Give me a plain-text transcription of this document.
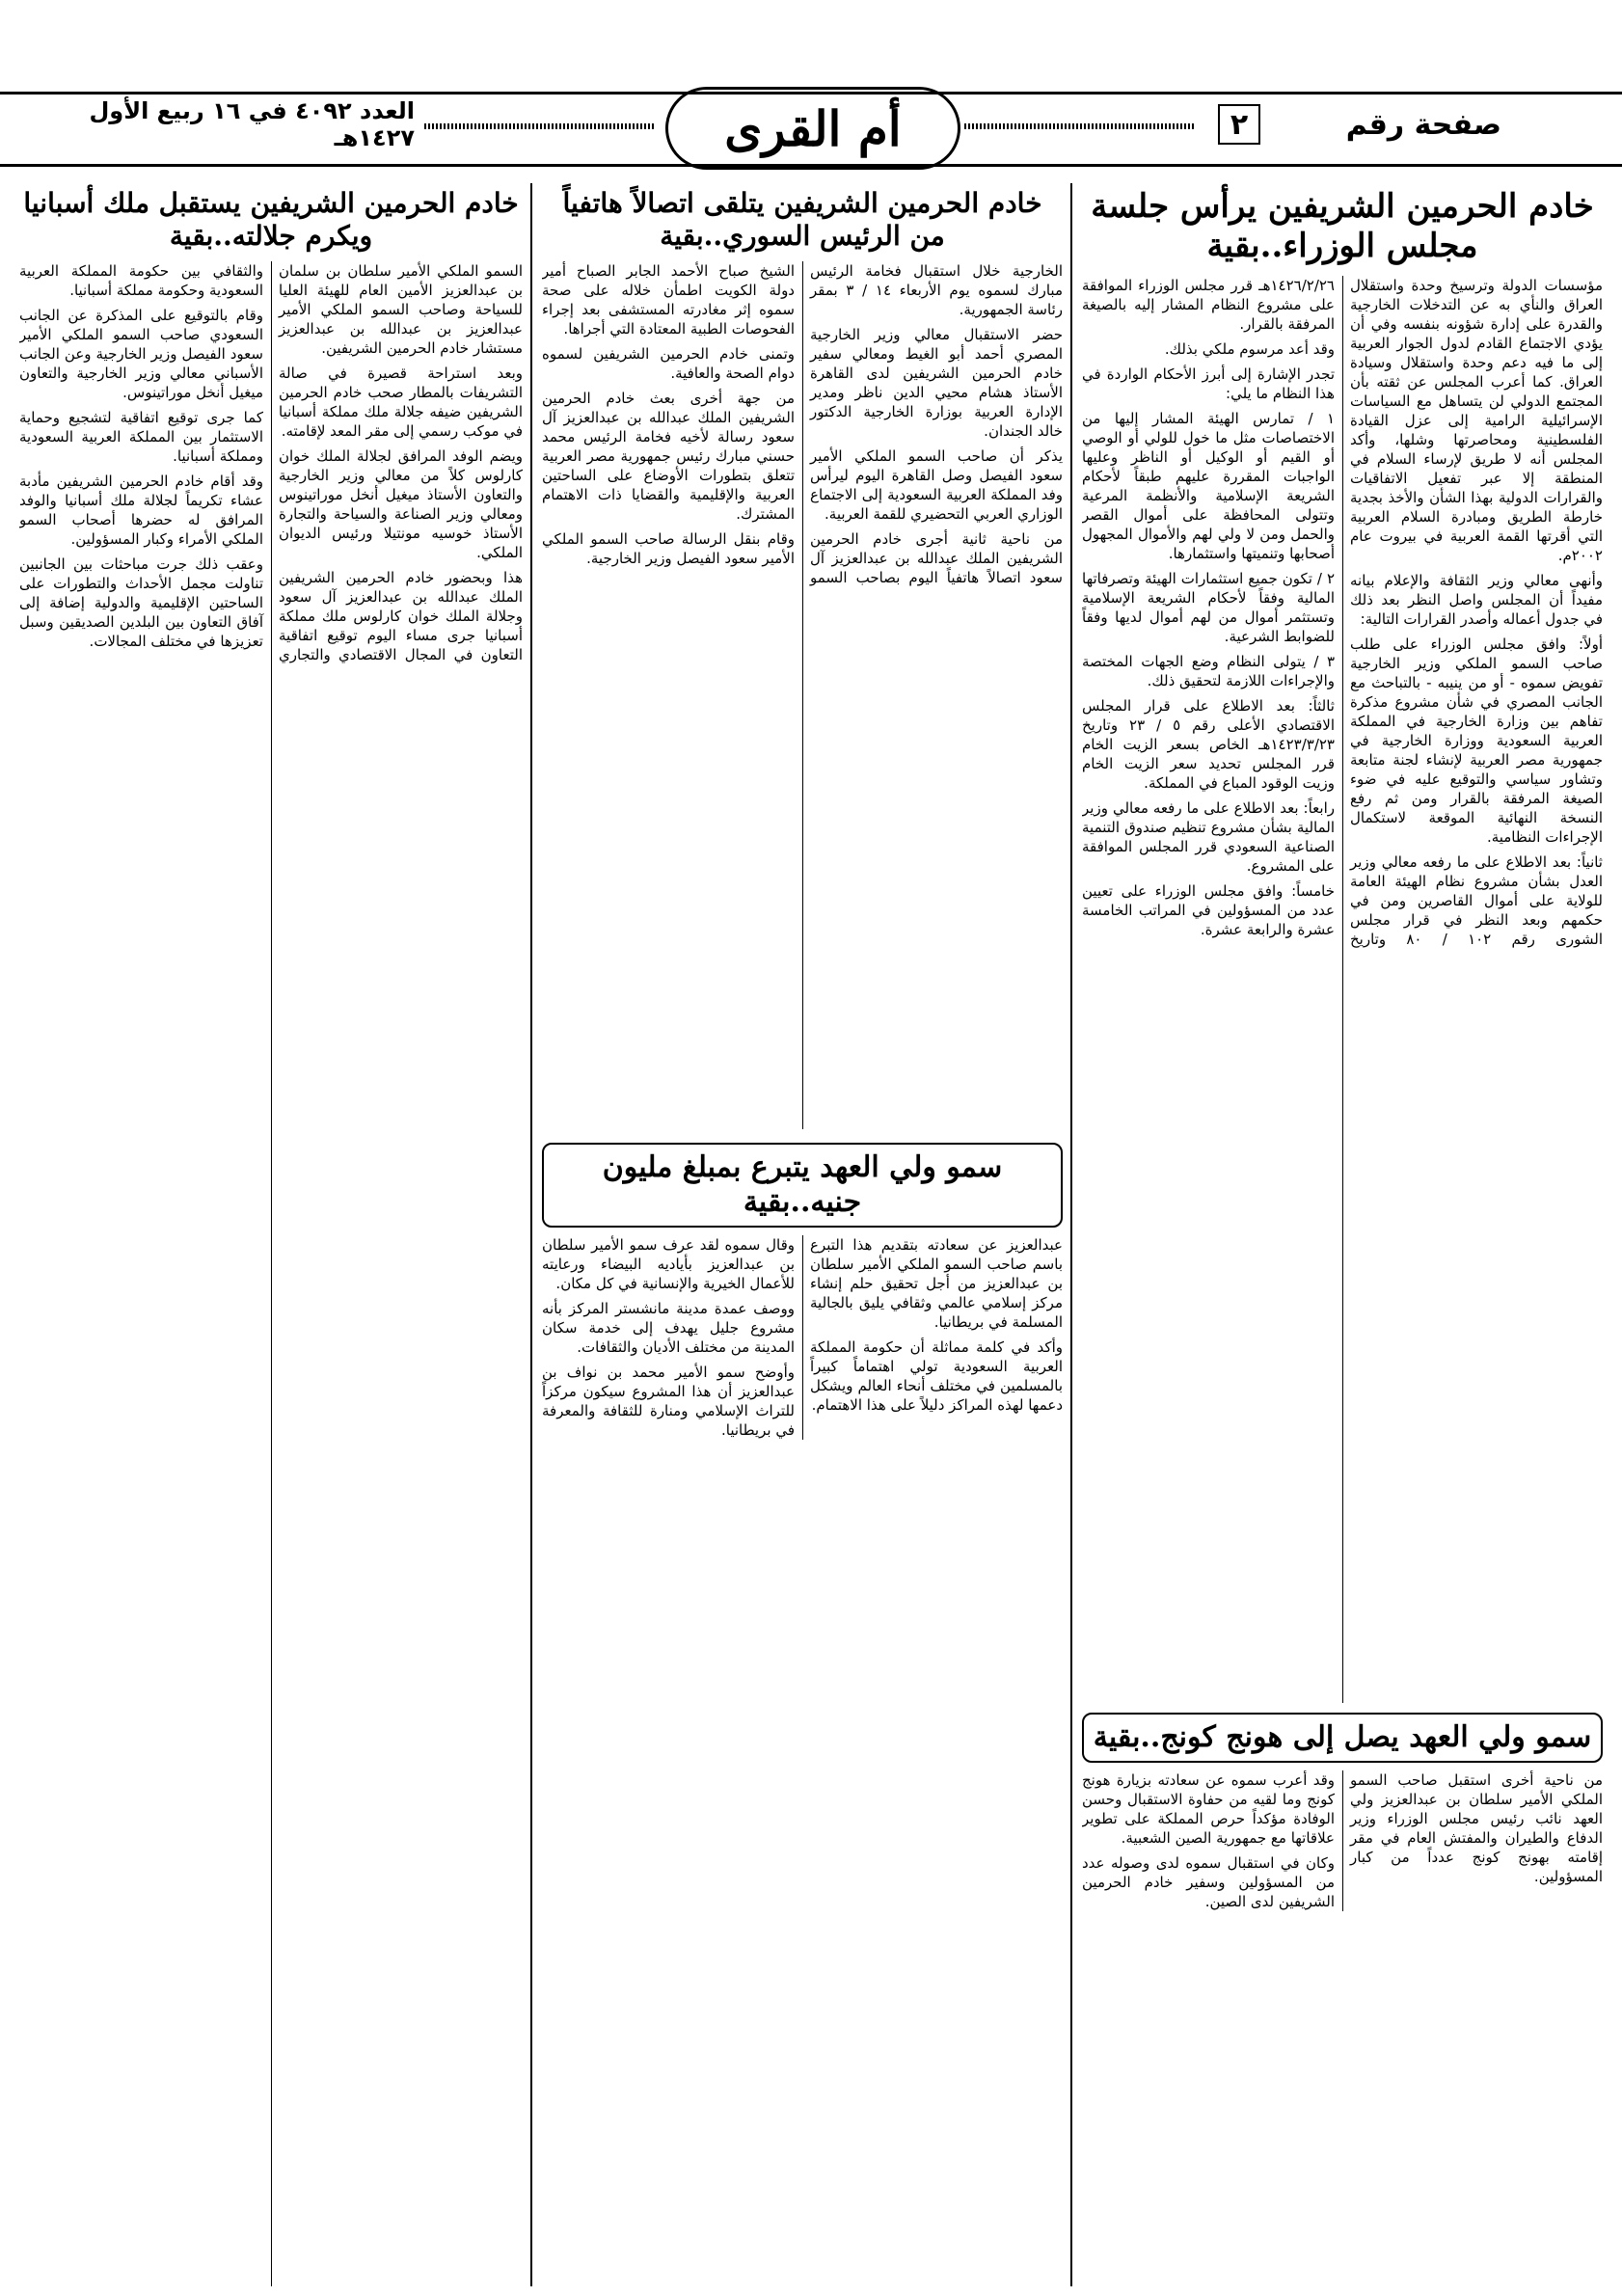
صفحة رقم
٢
أم القرى
العدد ٤٠٩٢ في ١٦ ربيع الأول ١٤٢٧هـ
خادم الحرمين الشريفين يرأس جلسة مجلس الوزراء..بقية

مؤسسات الدولة وترسيخ وحدة واستقلال العراق والنأي به عن التدخلات الخارجية والقدرة على إدارة شؤونه بنفسه وفي أن يؤدي الاجتماع القادم لدول الجوار العربية إلى ما فيه دعم وحدة واستقلال وسيادة العراق. كما أعرب المجلس عن ثقته بأن المجتمع الدولي لن يتساهل مع السياسات الإسرائيلية الرامية إلى عزل القيادة الفلسطينية ومحاصرتها وشلها، وأكد المجلس أنه لا طريق لإرساء السلام في المنطقة إلا عبر تفعيل الاتفاقيات والقرارات الدولية بهذا الشأن والأخذ بجدية خارطة الطريق ومبادرة السلام العربية التي أقرتها القمة العربية في بيروت عام ٢٠٠٢م.

وأنهى معالي وزير الثقافة والإعلام بيانه مفيداً أن المجلس واصل النظر بعد ذلك في جدول أعماله وأصدر القرارات التالية:

أولاً: وافق مجلس الوزراء على طلب صاحب السمو الملكي وزير الخارجية تفويض سموه - أو من ينيبه - بالتباحث مع الجانب المصري في شأن مشروع مذكرة تفاهم بين وزارة الخارجية في المملكة العربية السعودية ووزارة الخارجية في جمهورية مصر العربية لإنشاء لجنة متابعة وتشاور سياسي والتوقيع عليه في ضوء الصيغة المرفقة بالقرار ومن ثم رفع النسخة النهائية الموقعة لاستكمال الإجراءات النظامية.

ثانياً: بعد الاطلاع على ما رفعه معالي وزير العدل بشأن مشروع نظام الهيئة العامة للولاية على أموال القاصرين ومن في حكمهم وبعد النظر في قرار مجلس الشورى رقم ١٠٢ / ٨٠ وتاريخ ١٤٢٦/٢/٢٦هـ قرر مجلس الوزراء الموافقة على مشروع النظام المشار إليه بالصيغة المرفقة بالقرار.

وقد أعد مرسوم ملكي بذلك.

تجدر الإشارة إلى أبرز الأحكام الواردة في هذا النظام ما يلي:

١ / تمارس الهيئة المشار إليها من الاختصاصات مثل ما خول للولي أو الوصي أو القيم أو الوكيل أو الناظر وعليها الواجبات المقررة عليهم طبقاً لأحكام الشريعة الإسلامية والأنظمة المرعية وتتولى المحافظة على أموال القصر والحمل ومن لا ولي لهم والأموال المجهول أصحابها وتنميتها واستثمارها.

٢ / تكون جميع استثمارات الهيئة وتصرفاتها المالية وفقاً لأحكام الشريعة الإسلامية وتستثمر أموال من لهم أموال لديها وفقاً للضوابط الشرعية.

٣ / يتولى النظام وضع الجهات المختصة والإجراءات اللازمة لتحقيق ذلك.

ثالثاً: بعد الاطلاع على قرار المجلس الاقتصادي الأعلى رقم ٥ / ٢٣ وتاريخ ١٤٢٣/٣/٢٣هـ الخاص بسعر الزيت الخام قرر المجلس تحديد سعر الزيت الخام وزيت الوقود المباع في المملكة.

رابعاً: بعد الاطلاع على ما رفعه معالي وزير المالية بشأن مشروع تنظيم صندوق التنمية الصناعية السعودي قرر المجلس الموافقة على المشروع.

خامساً: وافق مجلس الوزراء على تعيين عدد من المسؤولين في المراتب الخامسة عشرة والرابعة عشرة.

سمو ولي العهد يصل إلى هونج كونج..بقية

من ناحية أخرى استقبل صاحب السمو الملكي الأمير سلطان بن عبدالعزيز ولي العهد نائب رئيس مجلس الوزراء وزير الدفاع والطيران والمفتش العام في مقر إقامته بهونج كونج عدداً من كبار المسؤولين.

وقد أعرب سموه عن سعادته بزيارة هونج كونج وما لقيه من حفاوة الاستقبال وحسن الوفادة مؤكداً حرص المملكة على تطوير علاقاتها مع جمهورية الصين الشعبية.

وكان في استقبال سموه لدى وصوله عدد من المسؤولين وسفير خادم الحرمين الشريفين لدى الصين.

خادم الحرمين الشريفين يتلقى اتصالاً هاتفياً من الرئيس السوري..بقية

الخارجية خلال استقبال فخامة الرئيس مبارك لسموه يوم الأربعاء ١٤ / ٣ بمقر رئاسة الجمهورية.

حضر الاستقبال معالي وزير الخارجية المصري أحمد أبو الغيط ومعالي سفير خادم الحرمين الشريفين لدى القاهرة الأستاذ هشام محيي الدين ناظر ومدير الإدارة العربية بوزارة الخارجية الدكتور خالد الجندان.

يذكر أن صاحب السمو الملكي الأمير سعود الفيصل وصل القاهرة اليوم ليرأس وفد المملكة العربية السعودية إلى الاجتماع الوزاري العربي التحضيري للقمة العربية.

من ناحية ثانية أجرى خادم الحرمين الشريفين الملك عبدالله بن عبدالعزيز آل سعود اتصالاً هاتفياً اليوم بصاحب السمو الشيخ صباح الأحمد الجابر الصباح أمير دولة الكويت اطمأن خلاله على صحة سموه إثر مغادرته المستشفى بعد إجراء الفحوصات الطبية المعتادة التي أجراها.

وتمنى خادم الحرمين الشريفين لسموه دوام الصحة والعافية.

من جهة أخرى بعث خادم الحرمين الشريفين الملك عبدالله بن عبدالعزيز آل سعود رسالة لأخيه فخامة الرئيس محمد حسني مبارك رئيس جمهورية مصر العربية تتعلق بتطورات الأوضاع على الساحتين العربية والإقليمية والقضايا ذات الاهتمام المشترك.

وقام بنقل الرسالة صاحب السمو الملكي الأمير سعود الفيصل وزير الخارجية.

سمو ولي العهد يتبرع بمبلغ مليون جنيه..بقية

عبدالعزيز عن سعادته بتقديم هذا التبرع باسم صاحب السمو الملكي الأمير سلطان بن عبدالعزيز من أجل تحقيق حلم إنشاء مركز إسلامي عالمي وثقافي يليق بالجالية المسلمة في بريطانيا.

وأكد في كلمة مماثلة أن حكومة المملكة العربية السعودية تولي اهتماماً كبيراً بالمسلمين في مختلف أنحاء العالم ويشكل دعمها لهذه المراكز دليلاً على هذا الاهتمام.

وقال سموه لقد عرف سمو الأمير سلطان بن عبدالعزيز بأياديه البيضاء ورعايته للأعمال الخيرية والإنسانية في كل مكان.

ووصف عمدة مدينة مانشستر المركز بأنه مشروع جليل يهدف إلى خدمة سكان المدينة من مختلف الأديان والثقافات.

وأوضح سمو الأمير محمد بن نواف بن عبدالعزيز أن هذا المشروع سيكون مركزاً للتراث الإسلامي ومنارة للثقافة والمعرفة في بريطانيا.

خادم الحرمين الشريفين يستقبل ملك أسبانيا ويكرم جلالته..بقية

السمو الملكي الأمير سلطان بن سلمان بن عبدالعزيز الأمين العام للهيئة العليا للسياحة وصاحب السمو الملكي الأمير عبدالعزيز بن عبدالله بن عبدالعزيز مستشار خادم الحرمين الشريفين.

وبعد استراحة قصيرة في صالة التشريفات بالمطار صحب خادم الحرمين الشريفين ضيفه جلالة ملك مملكة أسبانيا في موكب رسمي إلى مقر المعد لإقامته.

ويضم الوفد المرافق لجلالة الملك خوان كارلوس كلاً من معالي وزير الخارجية والتعاون الأستاذ ميغيل أنخل موراتينوس ومعالي وزير الصناعة والسياحة والتجارة الأستاذ خوسيه مونتيلا ورئيس الديوان الملكي.

هذا وبحضور خادم الحرمين الشريفين الملك عبدالله بن عبدالعزيز آل سعود وجلالة الملك خوان كارلوس ملك مملكة أسبانيا جرى مساء اليوم توقيع اتفاقية التعاون في المجال الاقتصادي والتجاري والثقافي بين حكومة المملكة العربية السعودية وحكومة مملكة أسبانيا.

وقام بالتوقيع على المذكرة عن الجانب السعودي صاحب السمو الملكي الأمير سعود الفيصل وزير الخارجية وعن الجانب الأسباني معالي وزير الخارجية والتعاون ميغيل أنخل موراتينوس.

كما جرى توقيع اتفاقية لتشجيع وحماية الاستثمار بين المملكة العربية السعودية ومملكة أسبانيا.

وقد أقام خادم الحرمين الشريفين مأدبة عشاء تكريماً لجلالة ملك أسبانيا والوفد المرافق له حضرها أصحاب السمو الملكي الأمراء وكبار المسؤولين.

وعقب ذلك جرت مباحثات بين الجانبين تناولت مجمل الأحداث والتطورات على الساحتين الإقليمية والدولية إضافة إلى آفاق التعاون بين البلدين الصديقين وسبل تعزيزها في مختلف المجالات.
